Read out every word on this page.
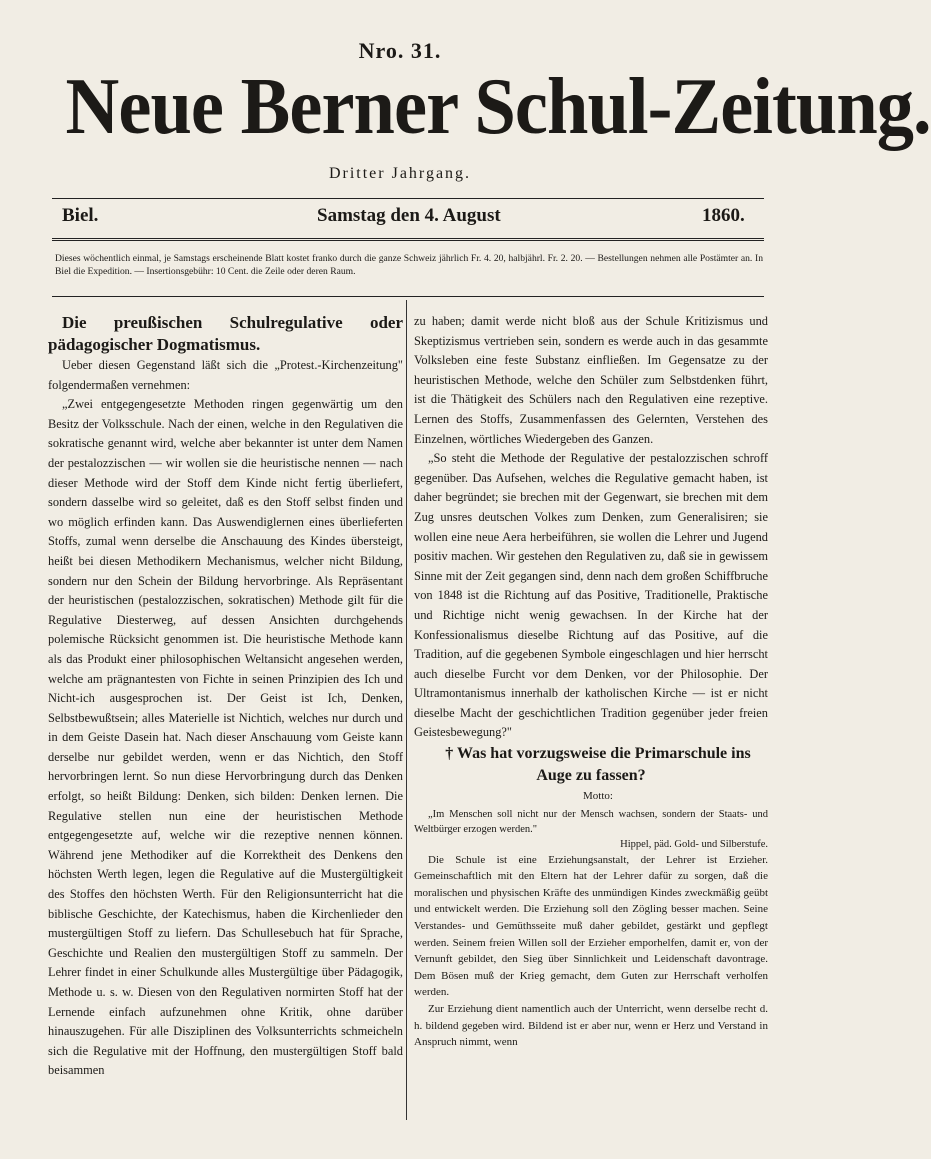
Nro. 31.
Neue Berner Schul-Zeitung.
Dritter Jahrgang.
Biel.	Samstag den 4. August	1860.
Dieses wöchentlich einmal, je Samstags erscheinende Blatt kostet franko durch die ganze Schweiz jährlich Fr. 4. 20, halbjährl. Fr. 2. 20. — Bestellungen nehmen alle Postämter an. In Biel die Expedition. — Insertionsgebühr: 10 Cent. die Zeile oder deren Raum.

Die preußischen Schulregulative oder pädagogischer Dogmatismus.

Ueber diesen Gegenstand läßt sich die „Protest.-Kirchenzeitung" folgendermaßen vernehmen:

„Zwei entgegengesetzte Methoden ringen gegenwärtig um den Besitz der Volksschule. Nach der einen, welche in den Regulativen die sokratische genannt wird, welche aber bekannter ist unter dem Namen der pestalozzischen — wir wollen sie die heuristische nennen — nach dieser Methode wird der Stoff dem Kinde nicht fertig überliefert, sondern dasselbe wird so geleitet, daß es den Stoff selbst finden und wo möglich erfinden kann. Das Auswendiglernen eines überlieferten Stoffs, zumal wenn derselbe die Anschauung des Kindes übersteigt, heißt bei diesen Methodikern Mechanismus, welcher nicht Bildung, sondern nur den Schein der Bildung hervorbringe. Als Repräsentant der heuristischen (pestalozzischen, sokratischen) Methode gilt für die Regulative Diesterweg, auf dessen Ansichten durchgehends polemische Rücksicht genommen ist. Die heuristische Methode kann als das Produkt einer philosophischen Weltansicht angesehen werden, welche am prägnantesten von Fichte in seinen Prinzipien des Ich und Nicht-ich ausgesprochen ist. Der Geist ist Ich, Denken, Selbstbewußtsein; alles Materielle ist Nichtich, welches nur durch und in dem Geiste Dasein hat. Nach dieser Anschauung vom Geiste kann derselbe nur gebildet werden, wenn er das Nichtich, den Stoff hervorbringen lernt. So nun diese Hervorbringung durch das Denken erfolgt, so heißt Bildung: Denken, sich bilden: Denken lernen. Die Regulative stellen nun eine der heuristischen Methode entgegengesetzte auf, welche wir die rezeptive nennen können. Während jene Methodiker auf die Korrektheit des Denkens den höchsten Werth legen, legen die Regulative auf die Mustergültigkeit des Stoffes den höchsten Werth. Für den Religionsunterricht hat die biblische Geschichte, der Katechismus, haben die Kirchenlieder den mustergültigen Stoff zu liefern. Das Schullesebuch hat für Sprache, Geschichte und Realien den mustergültigen Stoff zu sammeln. Der Lehrer findet in einer Schulkunde alles Mustergültige über Pädagogik, Methode u. s. w. Diesen von den Regulativen normirten Stoff hat der Lernende einfach aufzunehmen ohne Kritik, ohne darüber hinauszugehen. Für alle Disziplinen des Volksunterrichts schmeicheln sich die Regulative mit der Hoffnung, den mustergültigen Stoff bald beisammen

zu haben; damit werde nicht bloß aus der Schule Kritizismus und Skeptizismus vertrieben sein, sondern es werde auch in das gesammte Volksleben eine feste Substanz einfließen. Im Gegensatze zu der heuristischen Methode, welche den Schüler zum Selbstdenken führt, ist die Thätigkeit des Schülers nach den Regulativen eine rezeptive. Lernen des Stoffs, Zusammenfassen des Gelernten, Verstehen des Einzelnen, wörtliches Wiedergeben des Ganzen.

„So steht die Methode der Regulative der pestalozzischen schroff gegenüber. Das Aufsehen, welches die Regulative gemacht haben, ist daher begründet; sie brechen mit der Gegenwart, sie brechen mit dem Zug unsres deutschen Volkes zum Denken, zum Generalisiren; sie wollen eine neue Aera herbeiführen, sie wollen die Lehrer und Jugend positiv machen. Wir gestehen den Regulativen zu, daß sie in gewissem Sinne mit der Zeit gegangen sind, denn nach dem großen Schiffbruche von 1848 ist die Richtung auf das Positive, Traditionelle, Praktische und Richtige nicht wenig gewachsen. In der Kirche hat der Konfessionalismus dieselbe Richtung auf das Positive, auf die Tradition, auf die gegebenen Symbole eingeschlagen und hier herrscht auch dieselbe Furcht vor dem Denken, vor der Philosophie. Der Ultramontanismus innerhalb der katholischen Kirche — ist er nicht dieselbe Macht der geschichtlichen Tradition gegenüber jeder freien Geistesbewegung?"

† Was hat vorzugsweise die Primarschule ins Auge zu fassen?

Motto:

„Im Menschen soll nicht nur der Mensch wachsen, sondern der Staats- und Weltbürger erzogen werden."

Hippel, päd. Gold- und Silberstufe.

Die Schule ist eine Erziehungsanstalt, der Lehrer ist Erzieher. Gemeinschaftlich mit den Eltern hat der Lehrer dafür zu sorgen, daß die moralischen und physischen Kräfte des unmündigen Kindes zweckmäßig geübt und entwickelt werden. Die Erziehung soll den Zögling besser machen. Seine Verstandes- und Gemüthsseite muß daher gebildet, gestärkt und gepflegt werden. Seinem freien Willen soll der Erzieher emporhelfen, damit er, von der Vernunft gebildet, den Sieg über Sinnlichkeit und Leidenschaft davontrage. Dem Bösen muß der Krieg gemacht, dem Guten zur Herrschaft verholfen werden.

Zur Erziehung dient namentlich auch der Unterricht, wenn derselbe recht d. h. bildend gegeben wird. Bildend ist er aber nur, wenn er Herz und Verstand in Anspruch nimmt, wenn
